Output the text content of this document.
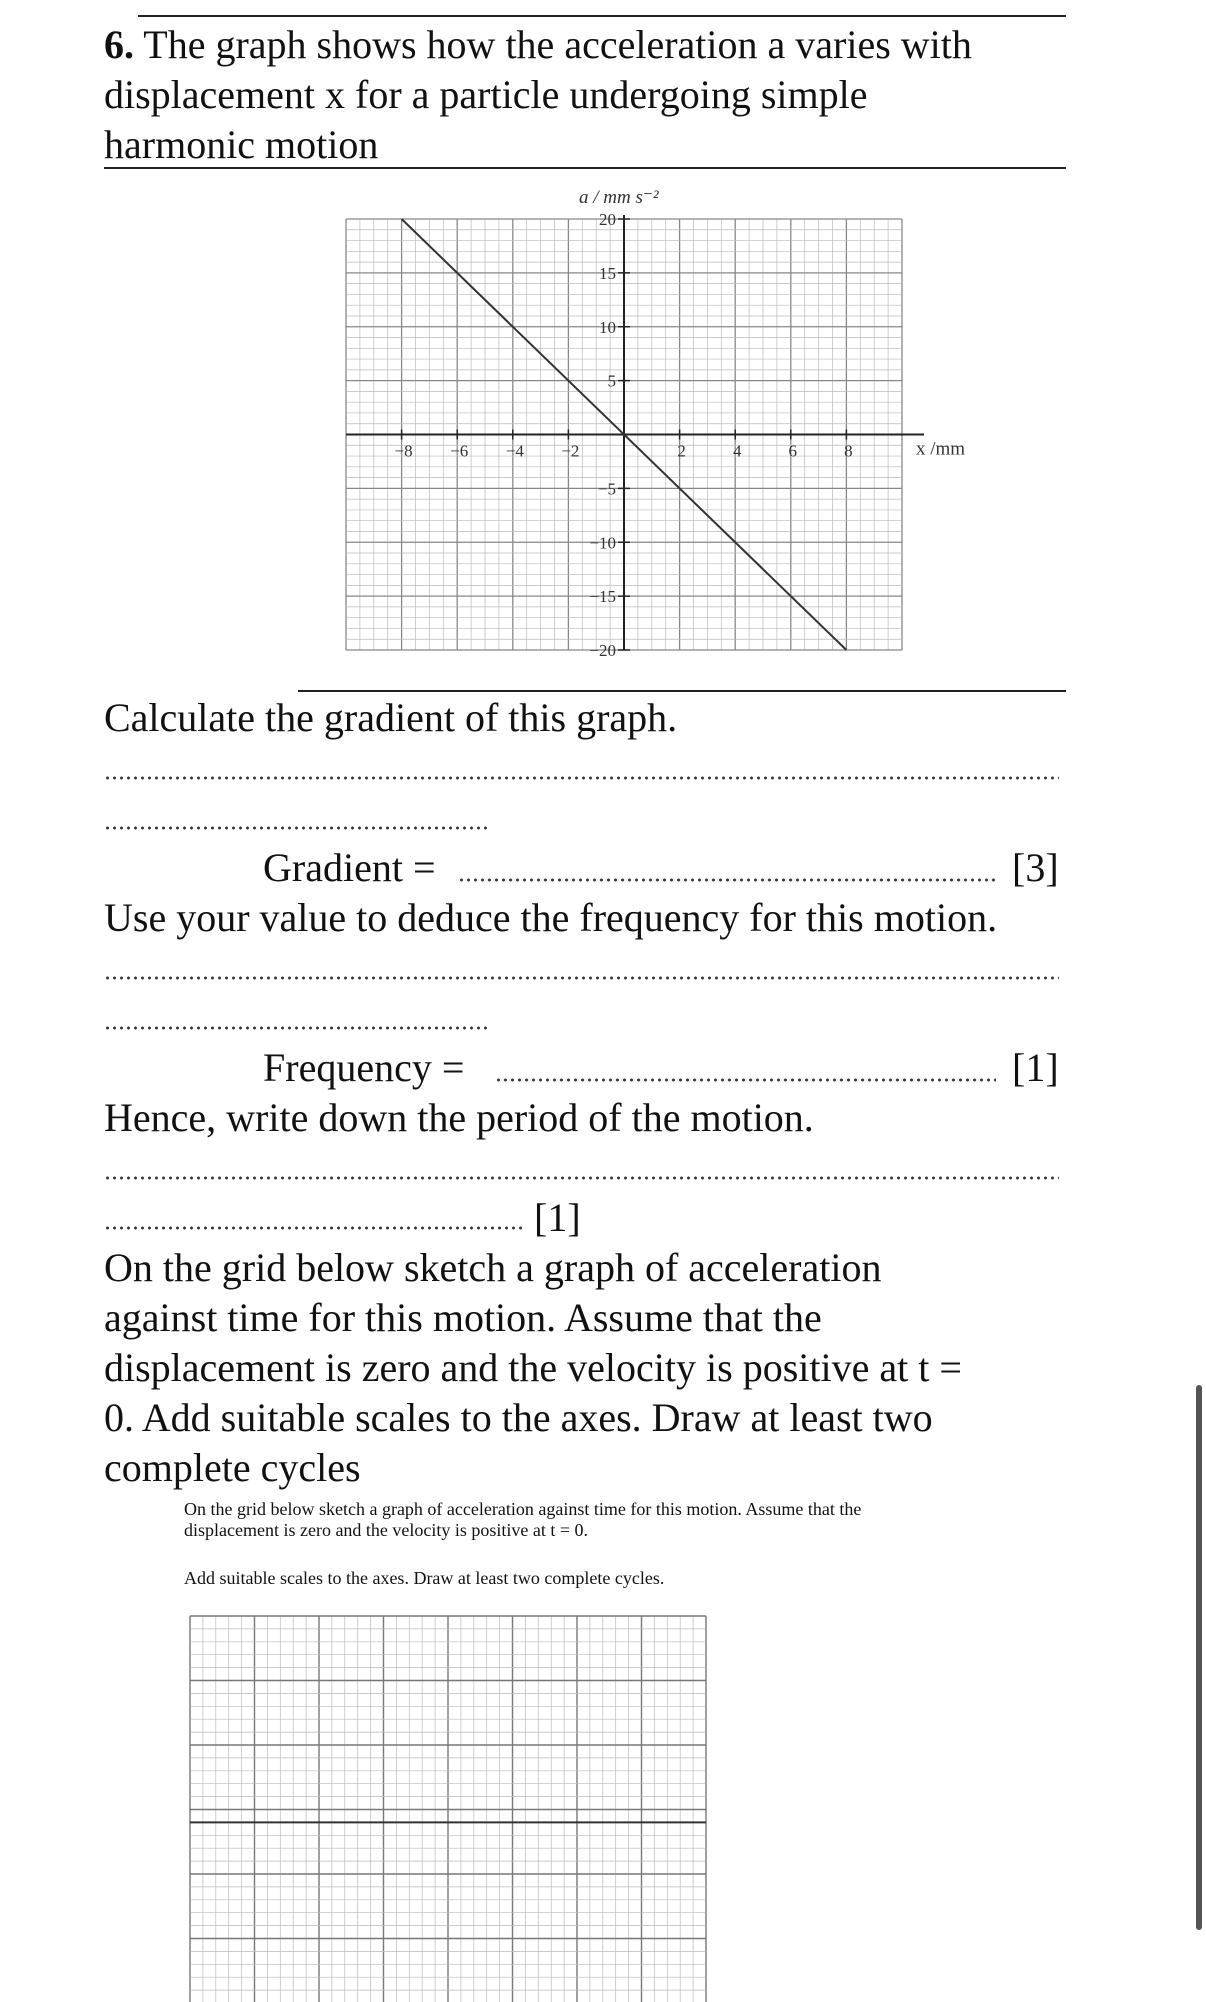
6. The graph shows how the acceleration a varies with
displacement x for a particle undergoing simple
harmonic motion
−8 −6 −4 −2	2	4	6	8
20
15
10
5
−5
−10
−15
−20
a / mm s⁻²
x /mm
Calculate the gradient of this graph.
Gradient =	[3]
Use your value to deduce the frequency for this motion.
Frequency =	[1]
Hence, write down the period of the motion.
[1]
On the grid below sketch a graph of acceleration
against time for this motion. Assume that the
displacement is zero and the velocity is positive at t =
0. Add suitable scales to the axes. Draw at least two
complete cycles
On the grid below sketch a graph of acceleration against time for this motion. Assume that the
displacement is zero and the velocity is positive at t = 0.
Add suitable scales to the axes. Draw at least two complete cycles.
